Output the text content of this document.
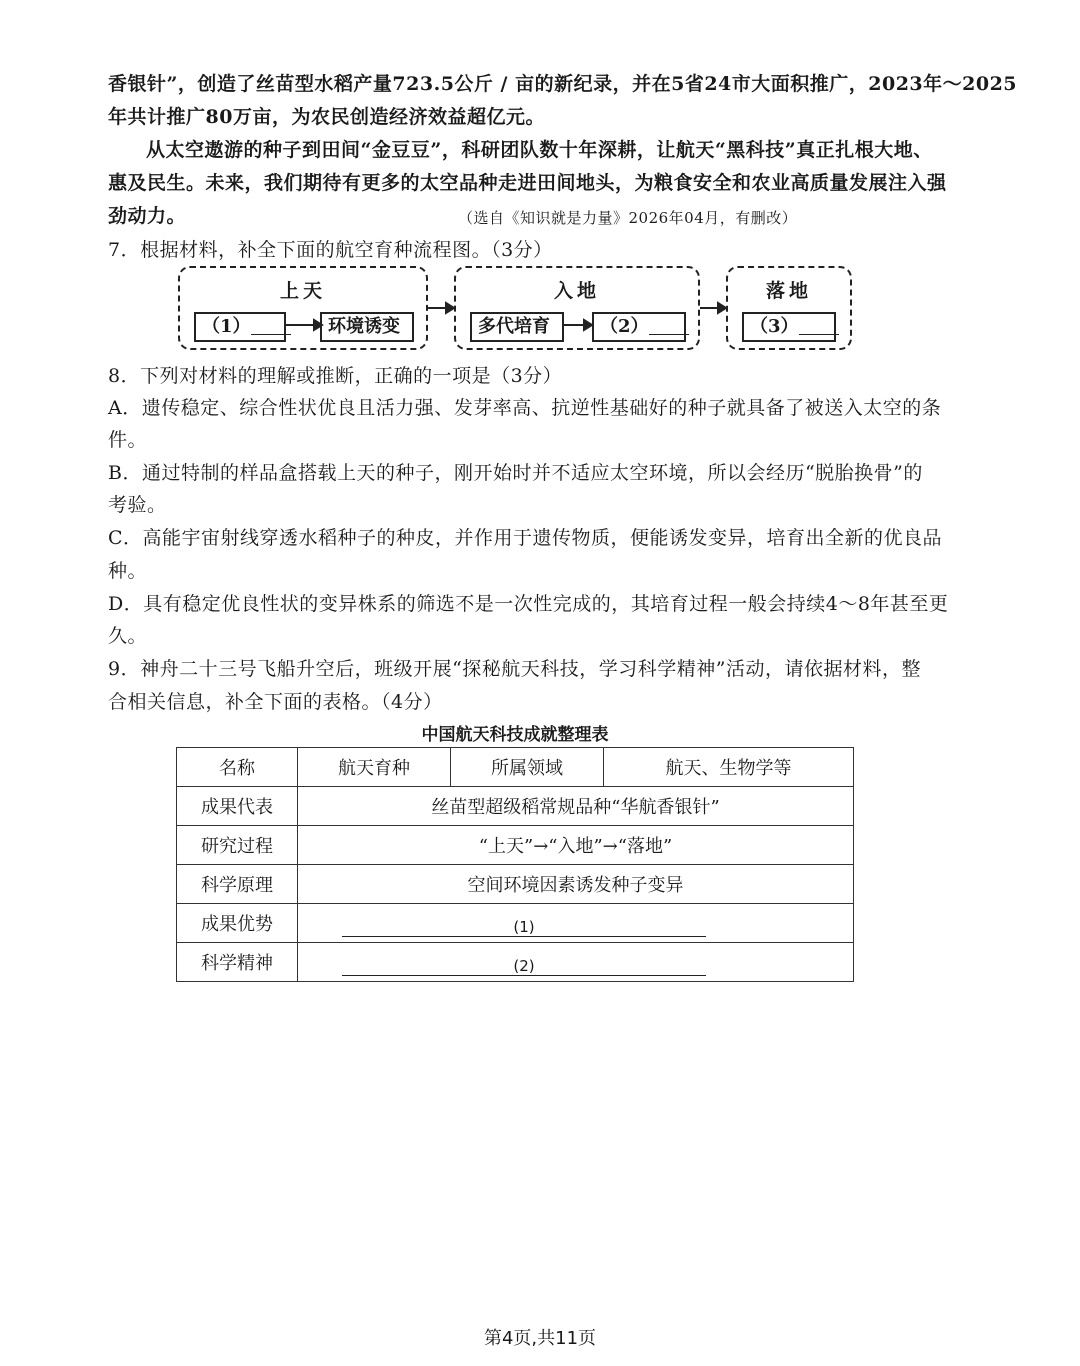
香银针”，创造了丝苗型水稻产量723.5公斤 / 亩的新纪录，并在5省24市大面积推广，2023年～2025

年共计推广80万亩，为农民创造经济效益超亿元。

从太空遨游的种子到田间“金豆豆”，科研团队数十年深耕，让航天“黑科技”真正扎根大地、

惠及民生。未来，我们期待有更多的太空品种走进田间地头，为粮食安全和农业高质量发展注入强

劲动力。	（选自《知识就是力量》2026年04月，有删改）

7．根据材料，补全下面的航空育种流程图。（3分）

上天
（1）	环境诱变
入地
多代培育	（2）
落地
（3）

8．下列对材料的理解或推断，正确的一项是（3分）

A．遗传稳定、综合性状优良且活力强、发芽率高、抗逆性基础好的种子就具备了被送入太空的条

件。

B．通过特制的样品盒搭载上天的种子，刚开始时并不适应太空环境，所以会经历“脱胎换骨”的

考验。

C．高能宇宙射线穿透水稻种子的种皮，并作用于遗传物质，便能诱发变异，培育出全新的优良品

种。

D．具有稳定优良性状的变异株系的筛选不是一次性完成的，其培育过程一般会持续4～8年甚至更

久。

9．神舟二十三号飞船升空后，班级开展“探秘航天科技，学习科学精神”活动，请依据材料，整

合相关信息，补全下面的表格。（4分）

中国航天科技成就整理表
名称	航天育种	所属领域	航天、生物学等
成果代表	丝苗型超级稻常规品种“华航香银针”		
研究过程	“上天”→“入地”→“落地”		
科学原理	空间环境因素诱发种子变异		
成果优势	(1)		
科学精神	(2)		
第4页,共11页
